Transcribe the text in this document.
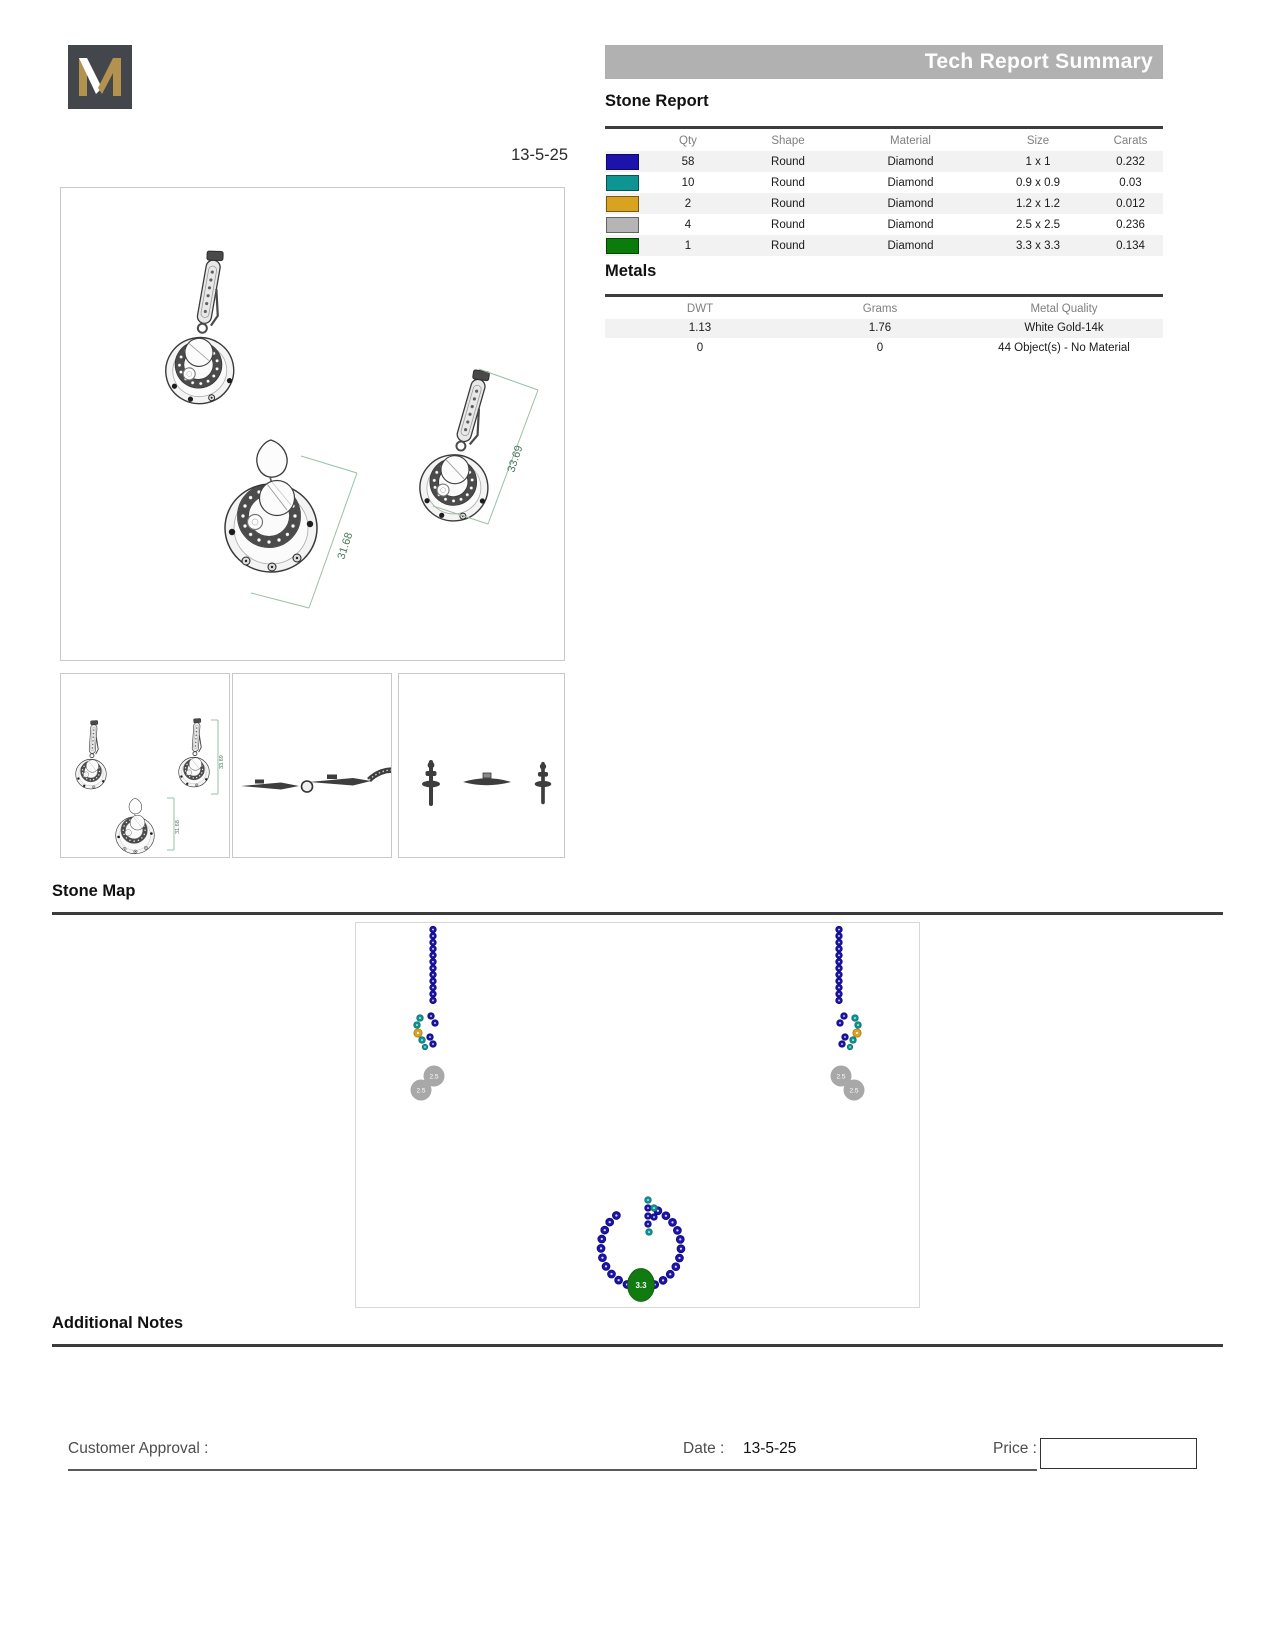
Tech Report Summary
Stone Report
Qty	Shape	Material	Size	Carats
58	Round	Diamond	1 x 1	0.232
10	Round	Diamond	0.9 x 0.9	0.03
2	Round	Diamond	1.2 x 1.2	0.012
4	Round	Diamond	2.5 x 2.5	0.236
1	Round	Diamond	3.3 x 3.3	0.134
Metals
DWT	Grams	Metal Quality
1.13	1.76	White Gold-14k
0	0	44 Object(s) - No Material
13-5-25
31.68
33.69
33.69
31.68
Stone Map
2.5
2.5
2.5
2.5
3.3
Additional Notes
Customer Approval :	Date : 13-5-25	Price :
